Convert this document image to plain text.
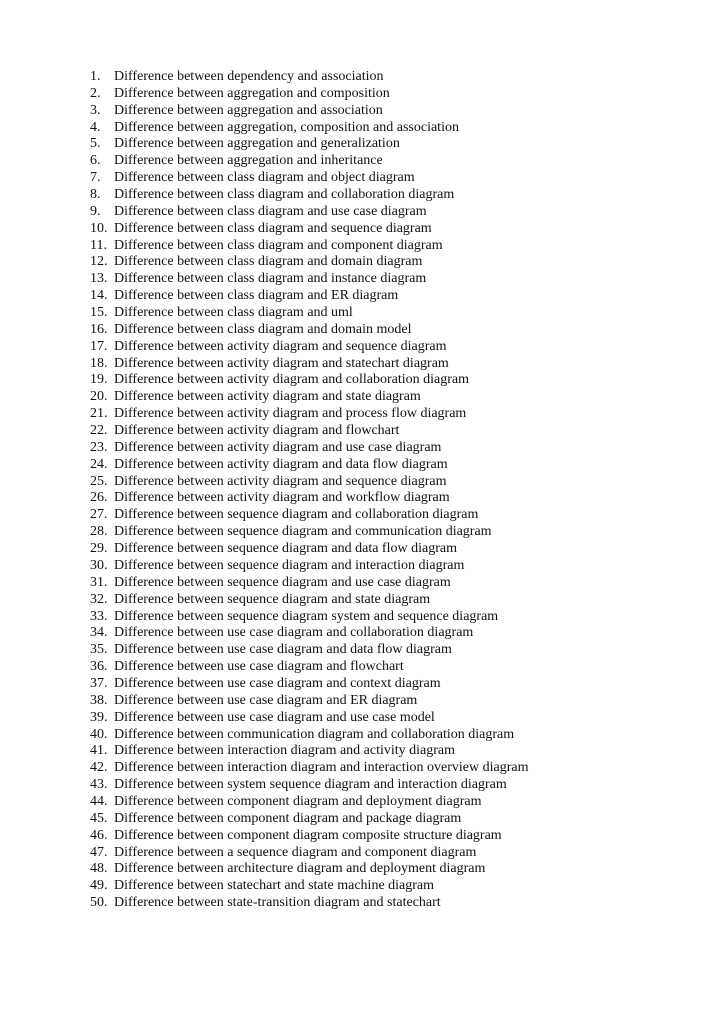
1. Difference between dependency and association
2. Difference between aggregation and composition
3. Difference between aggregation and association
4. Difference between aggregation, composition and association
5. Difference between aggregation and generalization
6. Difference between aggregation and inheritance
7. Difference between class diagram and object diagram
8. Difference between class diagram and collaboration diagram
9. Difference between class diagram and use case diagram
10. Difference between class diagram and sequence diagram
11. Difference between class diagram and component diagram
12. Difference between class diagram and domain diagram
13. Difference between class diagram and instance diagram
14. Difference between class diagram and ER diagram
15. Difference between class diagram and uml
16. Difference between class diagram and domain model
17. Difference between activity diagram and sequence diagram
18. Difference between activity diagram and statechart diagram
19. Difference between activity diagram and collaboration diagram
20. Difference between activity diagram and state diagram
21. Difference between activity diagram and process flow diagram
22. Difference between activity diagram and flowchart
23. Difference between activity diagram and use case diagram
24. Difference between activity diagram and data flow diagram
25. Difference between activity diagram and sequence diagram
26. Difference between activity diagram and workflow diagram
27. Difference between sequence diagram and collaboration diagram
28. Difference between sequence diagram and communication diagram
29. Difference between sequence diagram and data flow diagram
30. Difference between sequence diagram and interaction diagram
31. Difference between sequence diagram and use case diagram
32. Difference between sequence diagram and state diagram
33. Difference between sequence diagram system and sequence diagram
34. Difference between use case diagram and collaboration diagram
35. Difference between use case diagram and data flow diagram
36. Difference between use case diagram and flowchart
37. Difference between use case diagram and context diagram
38. Difference between use case diagram and ER diagram
39. Difference between use case diagram and use case model
40. Difference between communication diagram and collaboration diagram
41. Difference between interaction diagram and activity diagram
42. Difference between interaction diagram and interaction overview diagram
43. Difference between system sequence diagram and interaction diagram
44. Difference between component diagram and deployment diagram
45. Difference between component diagram and package diagram
46. Difference between component diagram composite structure diagram
47. Difference between a sequence diagram and component diagram
48. Difference between architecture diagram and deployment diagram
49. Difference between statechart and state machine diagram
50. Difference between state-transition diagram and statechart
